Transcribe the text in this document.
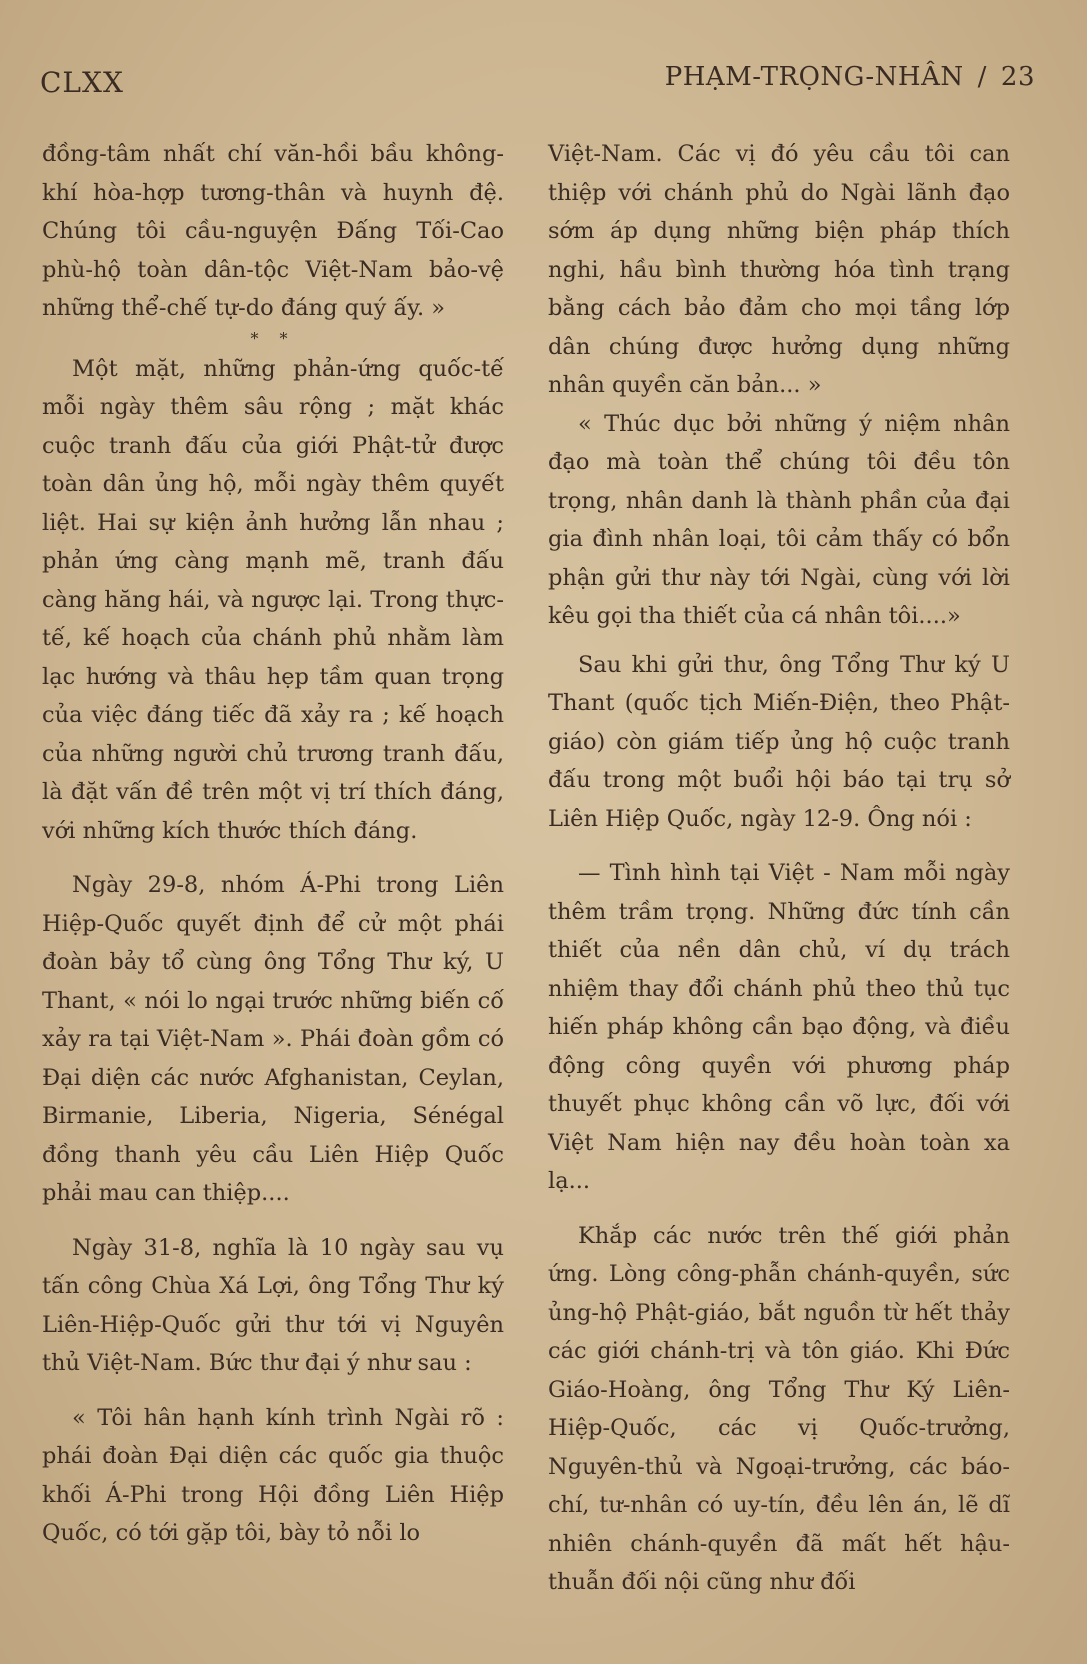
CLXX	PHẠM-TRỌNG-NHÂN / 23

đồng-tâm nhất chí văn-hồi bầu không-khí hòa-hợp tương-thân và huynh đệ. Chúng tôi cầu-nguyện Đấng Tối-Cao phù-hộ toàn dân-tộc Việt-Nam bảo-vệ những thể-chế tự-do đáng quý ấy. »

* *

Một mặt, những phản-ứng quốc-tế mỗi ngày thêm sâu rộng ; mặt khác cuộc tranh đấu của giới Phật-tử được toàn dân ủng hộ, mỗi ngày thêm quyết liệt. Hai sự kiện ảnh hưởng lẫn nhau ; phản ứng càng mạnh mẽ, tranh đấu càng hăng hái, và ngược lại. Trong thực-tế, kế hoạch của chánh phủ nhằm làm lạc hướng và thâu hẹp tầm quan trọng của việc đáng tiếc đã xảy ra ; kế hoạch của những người chủ trương tranh đấu, là đặt vấn đề trên một vị trí thích đáng, với những kích thước thích đáng.

Ngày 29-8, nhóm Á-Phi trong Liên Hiệp-Quốc quyết định để cử một phái đoàn bảy tổ cùng ông Tổng Thư ký, U Thant, « nói lo ngại trước những biến cố xảy ra tại Việt-Nam ». Phái đoàn gồm có Đại diện các nước Afghanistan, Ceylan, Birmanie, Liberia, Nigeria, Sénégal đồng thanh yêu cầu Liên Hiệp Quốc phải mau can thiệp....

Ngày 31-8, nghĩa là 10 ngày sau vụ tấn công Chùa Xá Lợi, ông Tổng Thư ký Liên-Hiệp-Quốc gửi thư tới vị Nguyên thủ Việt-Nam. Bức thư đại ý như sau :

« Tôi hân hạnh kính trình Ngài rõ : phái đoàn Đại diện các quốc gia thuộc khối Á-Phi trong Hội đồng Liên Hiệp Quốc, có tới gặp tôi, bày tỏ nỗi lo

Việt-Nam. Các vị đó yêu cầu tôi can thiệp với chánh phủ do Ngài lãnh đạo sớm áp dụng những biện pháp thích nghi, hầu bình thường hóa tình trạng bằng cách bảo đảm cho mọi tầng lớp dân chúng được hưởng dụng những nhân quyền căn bản... »

« Thúc dục bởi những ý niệm nhân đạo mà toàn thể chúng tôi đều tôn trọng, nhân danh là thành phần của đại gia đình nhân loại, tôi cảm thấy có bổn phận gửi thư này tới Ngài, cùng với lời kêu gọi tha thiết của cá nhân tôi....»

Sau khi gửi thư, ông Tổng Thư ký U Thant (quốc tịch Miến-Điện, theo Phật-giáo) còn giám tiếp ủng hộ cuộc tranh đấu trong một buổi hội báo tại trụ sở Liên Hiệp Quốc, ngày 12-9. Ông nói :

— Tình hình tại Việt - Nam mỗi ngày thêm trầm trọng. Những đức tính cần thiết của nền dân chủ, ví dụ trách nhiệm thay đổi chánh phủ theo thủ tục hiến pháp không cần bạo động, và điều động công quyền với phương pháp thuyết phục không cần võ lực, đối với Việt Nam hiện nay đều hoàn toàn xa lạ...

Khắp các nước trên thế giới phản ứng. Lòng công-phẫn chánh-quyền, sức ủng-hộ Phật-giáo, bắt nguồn từ hết thảy các giới chánh-trị và tôn giáo. Khi Đức Giáo-Hoàng, ông Tổng Thư Ký Liên-Hiệp-Quốc, các vị Quốc-trưởng, Nguyên-thủ và Ngoại-trưởng, các báo-chí, tư-nhân có uy-tín, đều lên án, lẽ dĩ nhiên chánh-quyền đã mất hết hậu-thuẫn đối nội cũng như đối
